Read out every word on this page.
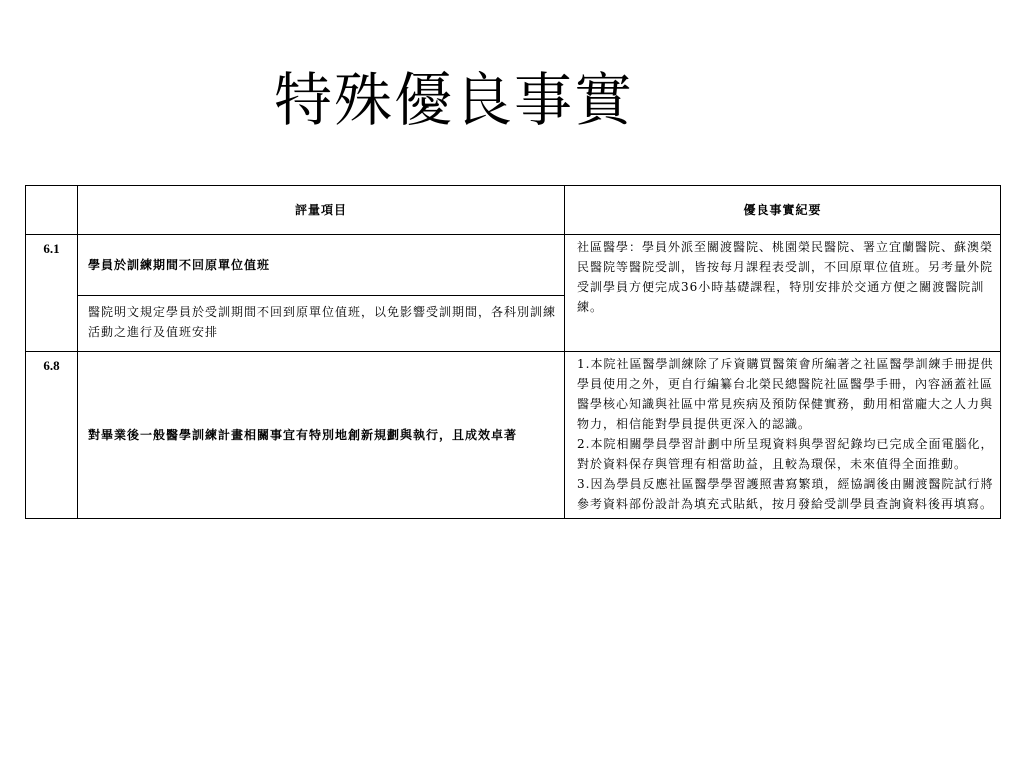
特殊優良事實
	評量項目	優良事實紀要
6.1	學員於訓練期間不回原單位值班	社區醫學：學員外派至關渡醫院、桃園榮民醫院、署立宜蘭醫院、蘇澳榮民醫院等醫院受訓，皆按每月課程表受訓，不回原單位值班。另考量外院受訓學員方便完成36小時基礎課程，特別安排於交通方便之關渡醫院訓練。
	醫院明文規定學員於受訓期間不回到原單位值班，以免影響受訓期間，各科別訓練活動之進行及值班安排	
6.8	對畢業後一般醫學訓練計畫相關事宜有特別地創新規劃與執行，且成效卓著	1.本院社區醫學訓練除了斥資購買醫策會所編著之社區醫學訓練手冊提供學員使用之外，更自行編纂台北榮民總醫院社區醫學手冊，內容涵蓋社區醫學核心知識與社區中常見疾病及預防保健實務，動用相當龐大之人力與物力，相信能對學員提供更深入的認識。
2.本院相關學員學習計劃中所呈現資料與學習紀錄均已完成全面電腦化，對於資料保存與管理有相當助益，且較為環保，未來值得全面推動。
3.因為學員反應社區醫學學習護照書寫繁瑣，經協調後由關渡醫院試行將參考資料部份設計為填充式貼紙，按月發給受訓學員查詢資料後再填寫。
